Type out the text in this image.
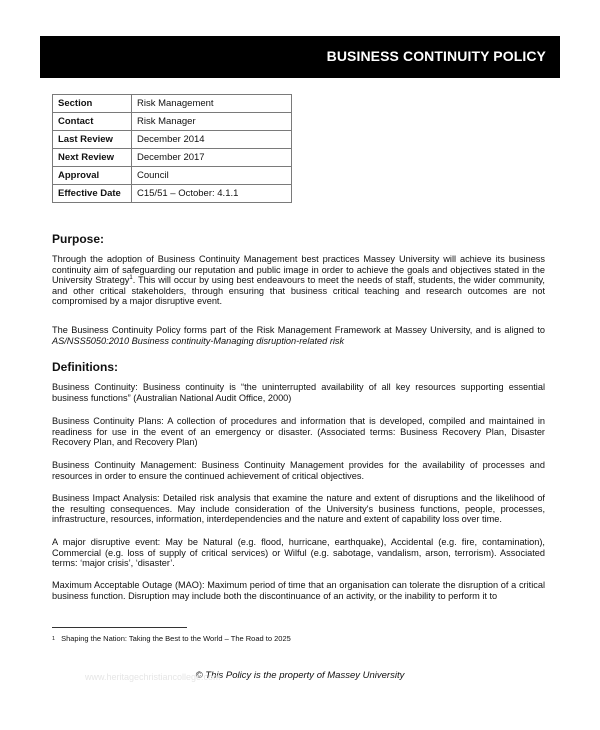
BUSINESS CONTINUITY POLICY
Section	Risk Management
Contact	Risk Manager
Last Review	December 2014
Next Review	December 2017
Approval	Council
Effective Date	C15/51 – October: 4.1.1
Purpose:
Through the adoption of Business Continuity Management best practices Massey University will achieve its business continuity aim of safeguarding our reputation and public image in order to achieve the goals and objectives stated in the University Strategy$^1$. This will occur by using best endeavours to meet the needs of staff, students, the wider community, and other critical stakeholders, through ensuring that business critical teaching and research outcomes are not compromised by a major disruptive event.
The Business Continuity Policy forms part of the Risk Management Framework at Massey University, and is aligned to AS/NSS5050:2010 Business continuity-Managing disruption-related risk
Definitions:
Business Continuity: Business continuity is “the uninterrupted availability of all key resources supporting essential business functions” (Australian National Audit Office, 2000)
Business Continuity Plans: A collection of procedures and information that is developed, compiled and maintained in readiness for use in the event of an emergency or disaster. (Associated terms: Business Recovery Plan, Disaster Recovery Plan, and Recovery Plan)
Business Continuity Management: Business Continuity Management provides for the availability of processes and resources in order to ensure the continued achievement of critical objectives.
Business Impact Analysis: Detailed risk analysis that examine the nature and extent of disruptions and the likelihood of the resulting consequences. May include consideration of the University's business functions, people, processes, infrastructure, resources, information, interdependencies and the nature and extent of capability loss over time.
A major disruptive event: May be Natural (e.g. flood, hurricane, earthquake), Accidental (e.g. fire, contamination), Commercial (e.g. loss of supply of critical services) or Wilful (e.g. sabotage, vandalism, arson, terrorism). Associated terms: ‘major crisis’, ‘disaster’.
Maximum Acceptable Outage (MAO): Maximum period of time that an organisation can tolerate the disruption of a critical business function. Disruption may include both the discontinuance of an activity, or the inability to perform it to
$^1$ Shaping the Nation: Taking the Best to the World – The Road to 2025
www.heritagechristiancollege.com
© This Policy is the property of Massey University
